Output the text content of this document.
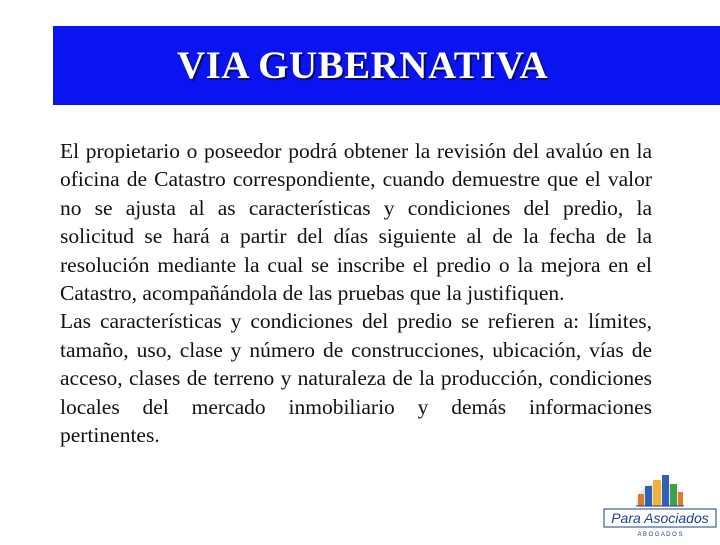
VIA GUBERNATIVA

El propietario o poseedor podrá obtener la revisión del avalúo en la oficina de Catastro correspondiente, cuando demuestre que el valor no se ajusta al as características y condiciones del predio, la solicitud se hará a partir del días siguiente al de la fecha de la resolución mediante la cual se inscribe el predio o la mejora en el Catastro, acompañándola de las pruebas que la justifiquen.

Las características y condiciones del predio se refieren a: límites, tamaño, uso, clase y número de construcciones, ubicación, vías de acceso, clases de terreno y naturaleza de la producción, condiciones locales del mercado inmobiliario y demás informaciones pertinentes.

Para Asociados
A B O G A D O S
